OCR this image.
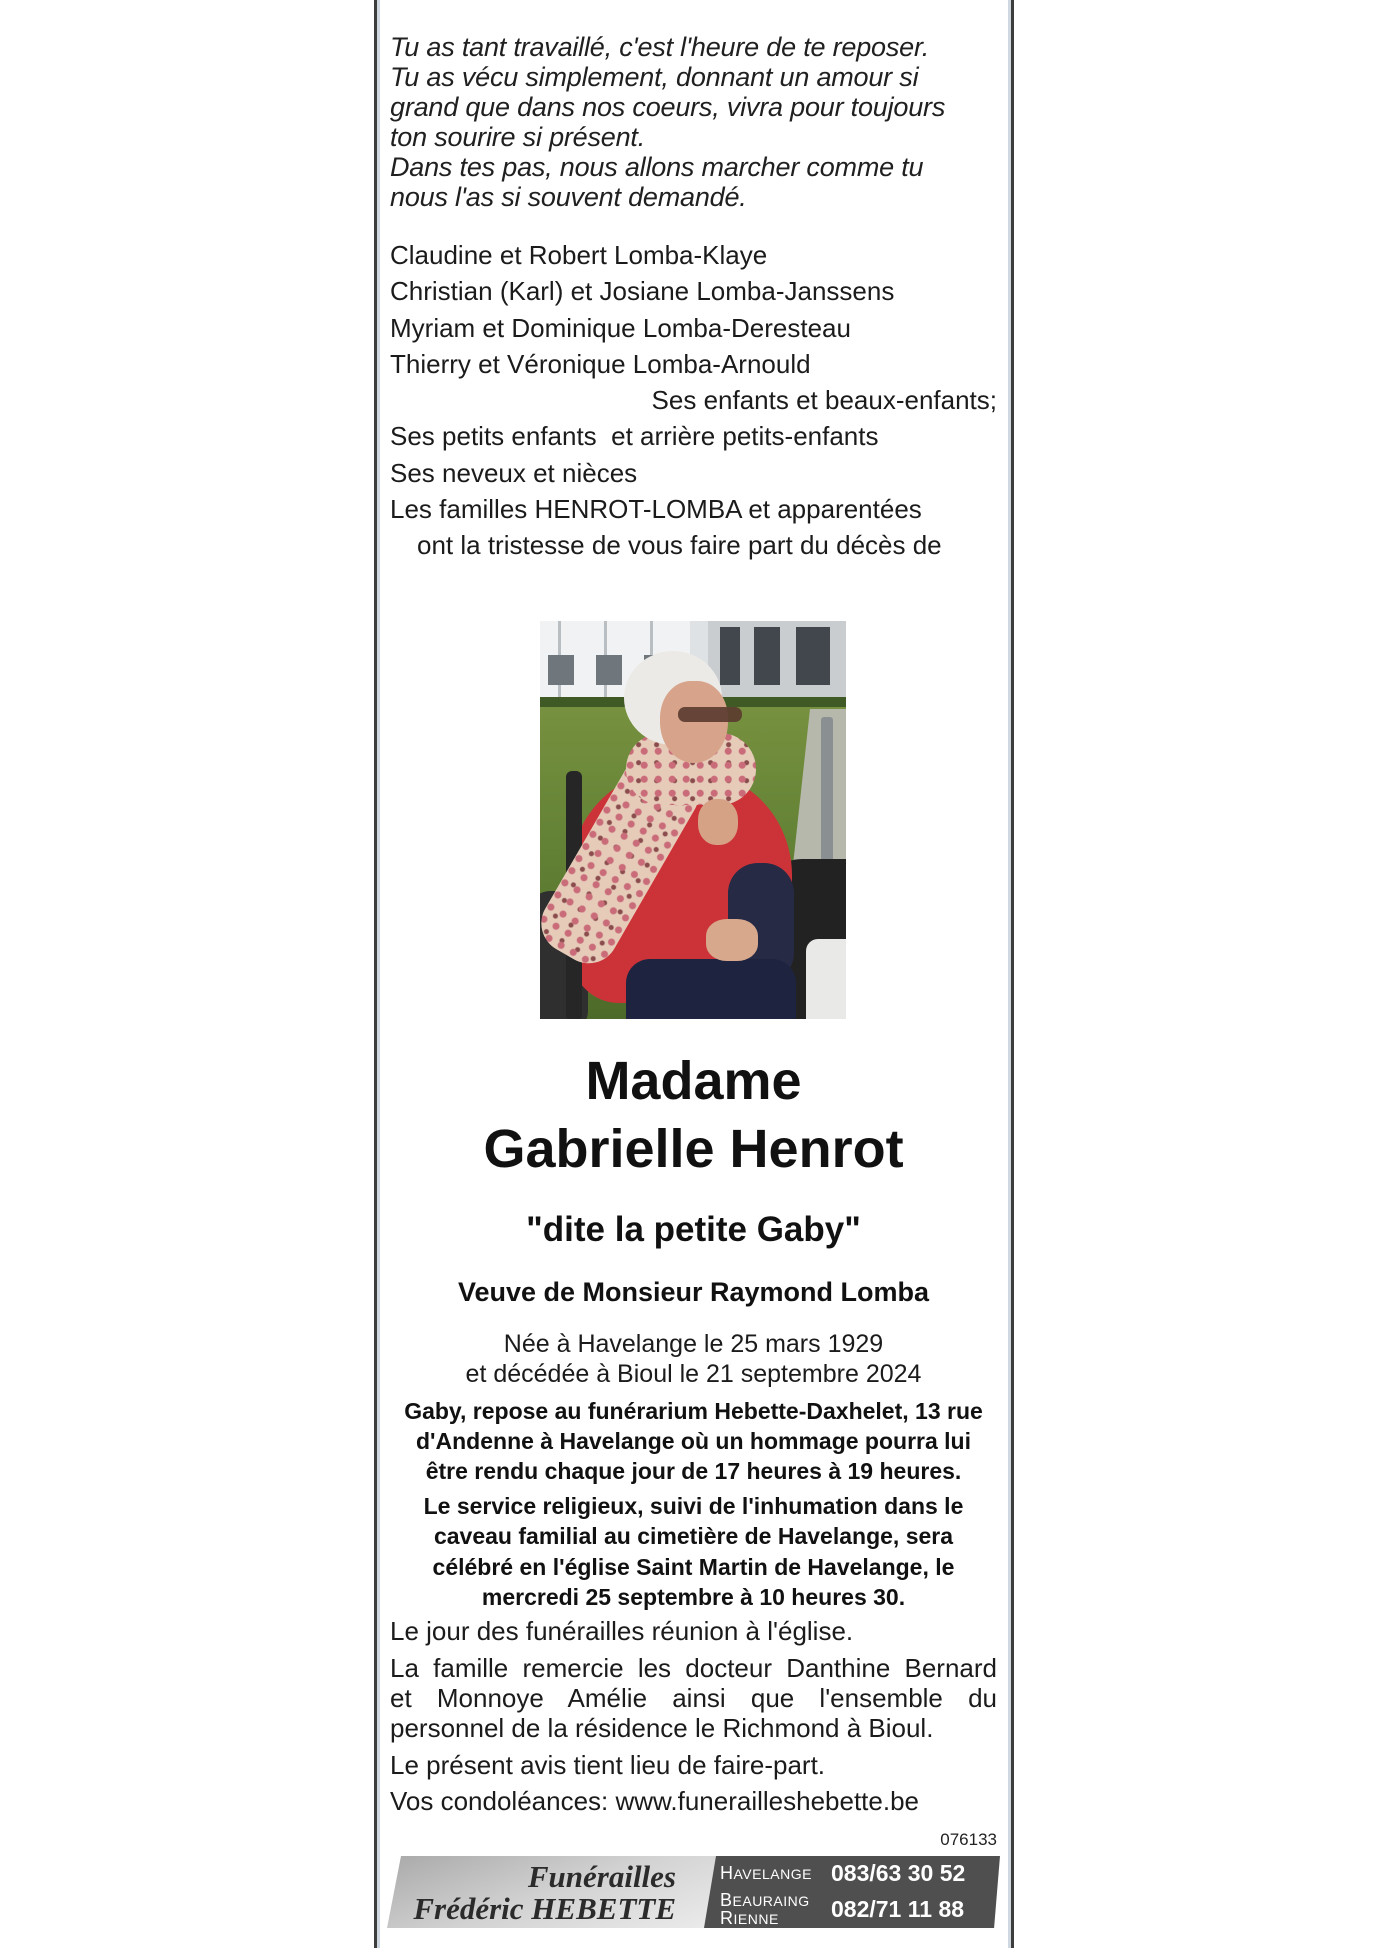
Tu as tant travaillé, c'est l'heure de te reposer.
Tu as vécu simplement, donnant un amour si
grand que dans nos coeurs, vivra pour toujours
ton sourire si présent.
Dans tes pas, nous allons marcher comme tu
nous l'as si souvent demandé.
Claudine et Robert Lomba-Klaye
Christian (Karl) et Josiane Lomba-Janssens
Myriam et Dominique Lomba-Deresteau
Thierry et Véronique Lomba-Arnould
Ses enfants et beaux-enfants;
Ses petits enfants  et arrière petits-enfants
Ses neveux et nièces
Les familles HENROT-LOMBA et apparentées
ont la tristesse de vous faire part du décès de
Madame
Gabrielle Henrot
"dite la petite Gaby"
Veuve de Monsieur Raymond Lomba
Née à Havelange le 25 mars 1929
et décédée à Bioul le 21 septembre 2024
Gaby, repose au funérarium Hebette-Daxhelet, 13 rue
d'Andenne à Havelange où un hommage pourra lui
être rendu chaque jour de 17 heures à 19 heures.
Le service religieux, suivi de l'inhumation dans le
caveau familial au cimetière de Havelange, sera
célébré en l'église Saint Martin de Havelange, le
mercredi 25 septembre à 10 heures 30.
Le jour des funérailles réunion à l'église.
La famille remercie les docteur Danthine Bernard
et Monnoye Amélie ainsi que l'ensemble du
personnel de la résidence le Richmond à Bioul.
Le présent avis tient lieu de faire-part.
Vos condoléances: www.funerailleshebette.be
076133
Funérailles
Frédéric HEBETTE
HAVELANGE 083/63 30 52
BEAURAING
RIENNE 082/71 11 88
